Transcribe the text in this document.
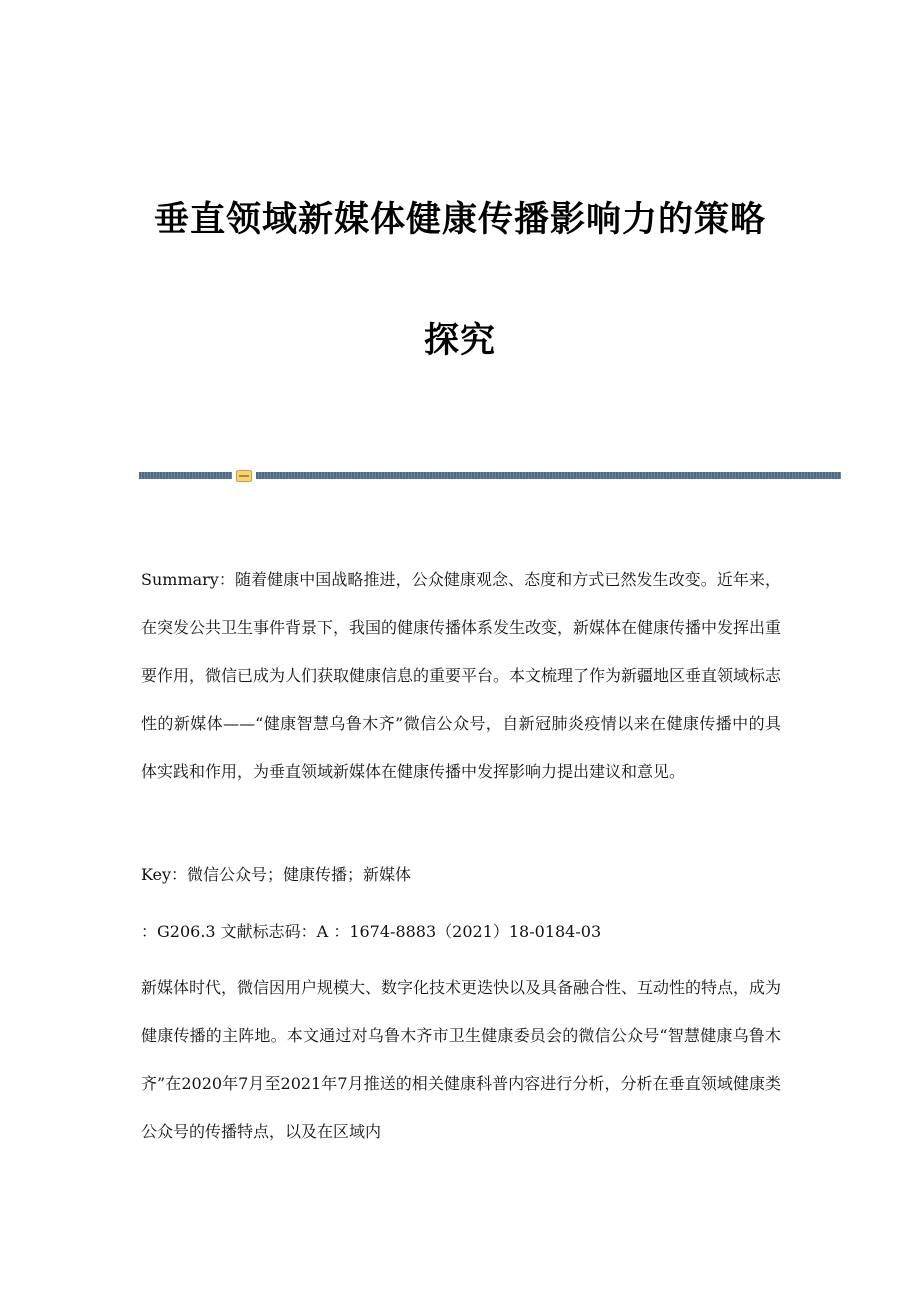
垂直领域新媒体健康传播影响力的策略
探究

Summary：随着健康中国战略推进，公众健康观念、态度和方式已然发生改变。近年来，在突发公共卫生事件背景下，我国的健康传播体系发生改变，新媒体在健康传播中发挥出重要作用，微信已成为人们获取健康信息的重要平台。本文梳理了作为新疆地区垂直领域标志性的新媒体——“健康智慧乌鲁木齐”微信公众号，自新冠肺炎疫情以来在健康传播中的具体实践和作用，为垂直领域新媒体在健康传播中发挥影响力提出建议和意见。

Key：微信公众号；健康传播；新媒体

：G206.3 文献标志码：A ：1674-8883（2021）18-0184-03

新媒体时代，微信因用户规模大、数字化技术更迭快以及具备融合性、互动性的特点，成为健康传播的主阵地。本文通过对乌鲁木齐市卫生健康委员会的微信公众号“智慧健康乌鲁木齐”在2020年7月至2021年7月推送的相关健康科普内容进行分析，分析在垂直领域健康类公众号的传播特点，以及在区域内
